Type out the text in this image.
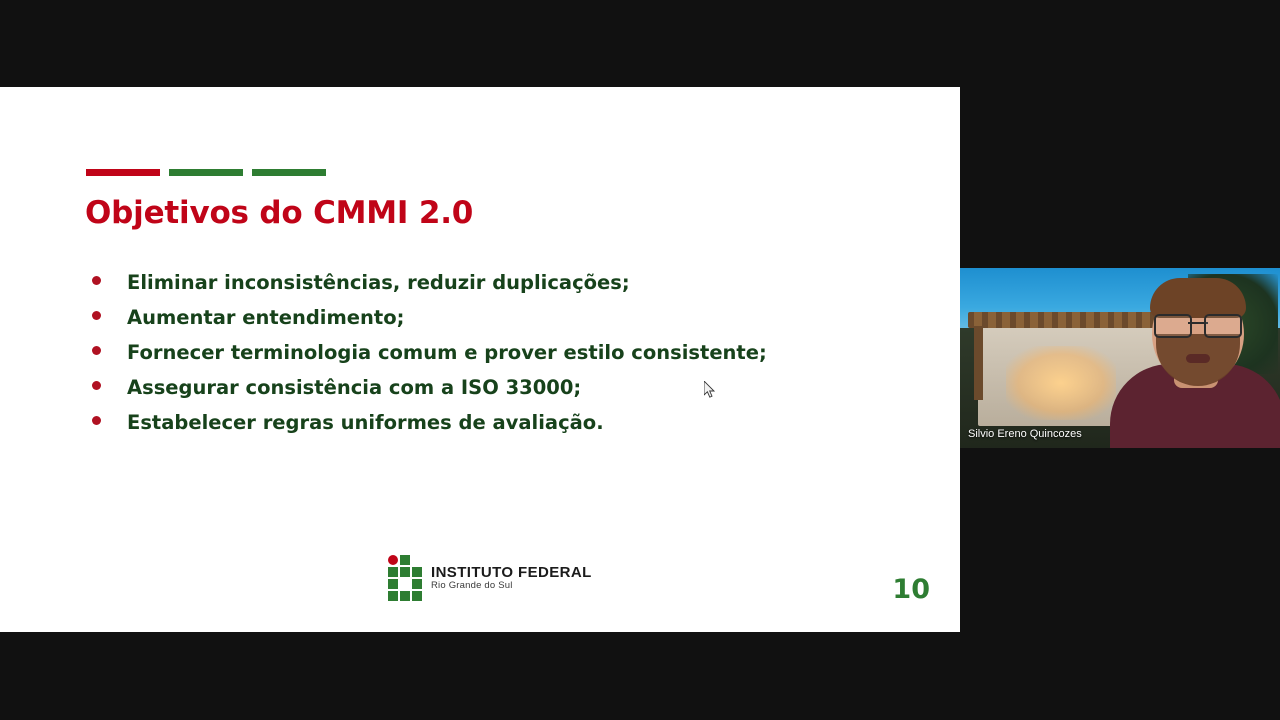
Objetivos do CMMI 2.0
Eliminar inconsistências, reduzir duplicações;
Aumentar entendimento;
Fornecer terminologia comum e prover estilo consistente;
Assegurar consistência com a ISO 33000;
Estabelecer regras uniformes de avaliação.
INSTITUTO FEDERAL
Rio Grande do Sul	10
Silvio Ereno Quincozes
